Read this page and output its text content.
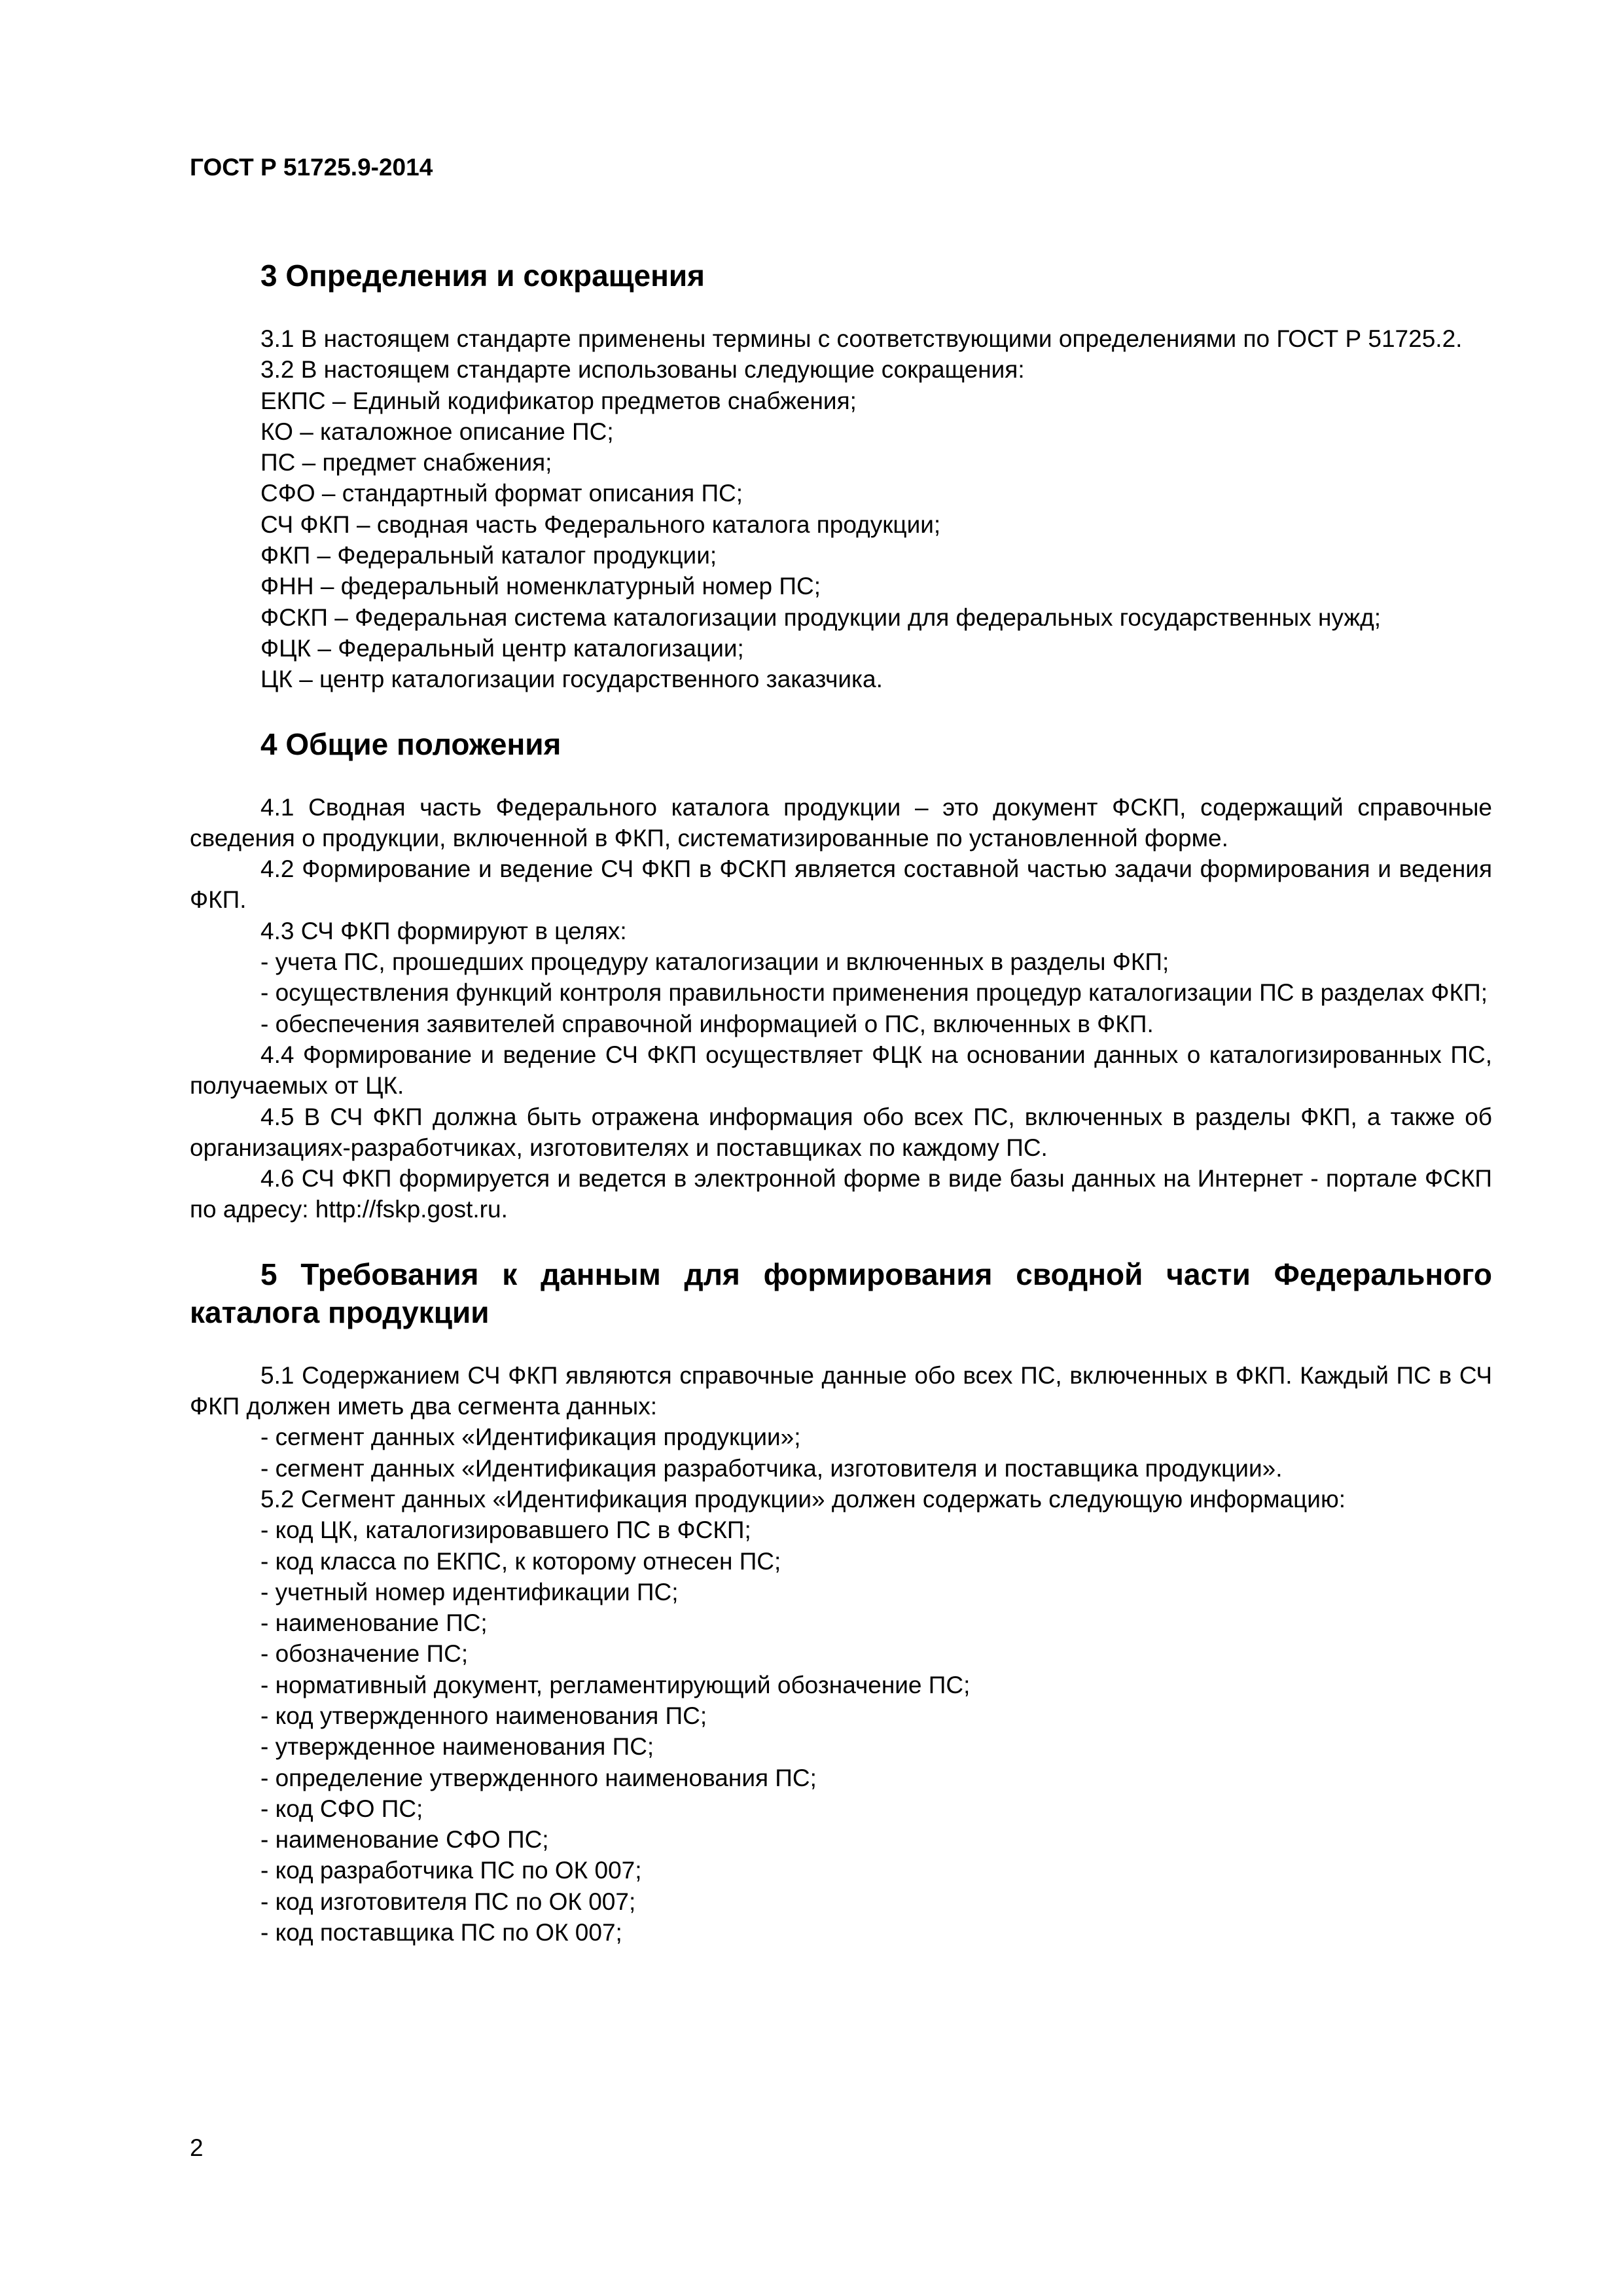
ГОСТ Р 51725.9-2014
3 Определения и сокращения

3.1 В настоящем стандарте применены термины с соответствующими определениями по ГОСТ Р 51725.2.

3.2 В настоящем стандарте использованы следующие сокращения:

ЕКПС – Единый кодификатор предметов снабжения;

КО – каталожное описание ПС;

ПС – предмет снабжения;

СФО – стандартный формат описания ПС;

СЧ ФКП – сводная часть Федерального каталога продукции;

ФКП – Федеральный каталог продукции;

ФНН – федеральный номенклатурный номер ПС;

ФСКП – Федеральная система каталогизации продукции для федеральных государственных нужд;

ФЦК – Федеральный центр каталогизации;

ЦК – центр каталогизации государственного заказчика.

4 Общие положения

4.1 Сводная часть Федерального каталога продукции – это документ ФСКП, содержащий справочные сведения о продукции, включенной в ФКП, систематизированные по установленной форме.

4.2 Формирование и ведение СЧ ФКП в ФСКП является составной частью задачи формирования и ведения ФКП.

4.3 СЧ ФКП формируют в целях:

- учета ПС, прошедших процедуру каталогизации и включенных в разделы ФКП;

- осуществления функций контроля правильности применения процедур каталогизации ПС в разделах ФКП;

- обеспечения заявителей справочной информацией о ПС, включенных в ФКП.

4.4 Формирование и ведение СЧ ФКП осуществляет ФЦК на основании данных о каталогизированных ПС, получаемых от ЦК.

4.5 В СЧ ФКП должна быть отражена информация обо всех ПС, включенных в разделы ФКП, а также об организациях-разработчиках, изготовителях и поставщиках по каждому ПС.

4.6 СЧ ФКП формируется и ведется в электронной форме в виде базы данных на Интернет - портале ФСКП по адресу: http://fskp.gost.ru.

5 Требования к данным для формирования сводной части Федерального каталога продукции

5.1 Содержанием СЧ ФКП являются справочные данные обо всех ПС, включенных в ФКП. Каждый ПС в СЧ ФКП должен иметь два сегмента данных:

- сегмент данных «Идентификация продукции»;

- сегмент данных «Идентификация разработчика, изготовителя и поставщика продукции».

5.2 Сегмент данных «Идентификация продукции» должен содержать следующую информацию:

- код ЦК, каталогизировавшего ПС в ФСКП;

- код класса по ЕКПС, к которому отнесен ПС;

- учетный номер идентификации ПС;

- наименование ПС;

- обозначение ПС;

- нормативный документ, регламентирующий обозначение ПС;

- код утвержденного наименования ПС;

- утвержденное наименования ПС;

- определение утвержденного наименования ПС;

- код СФО ПС;

- наименование СФО ПС;

- код разработчика ПС по ОК 007;

- код изготовителя ПС по ОК 007;

- код поставщика ПС по ОК 007;

2
